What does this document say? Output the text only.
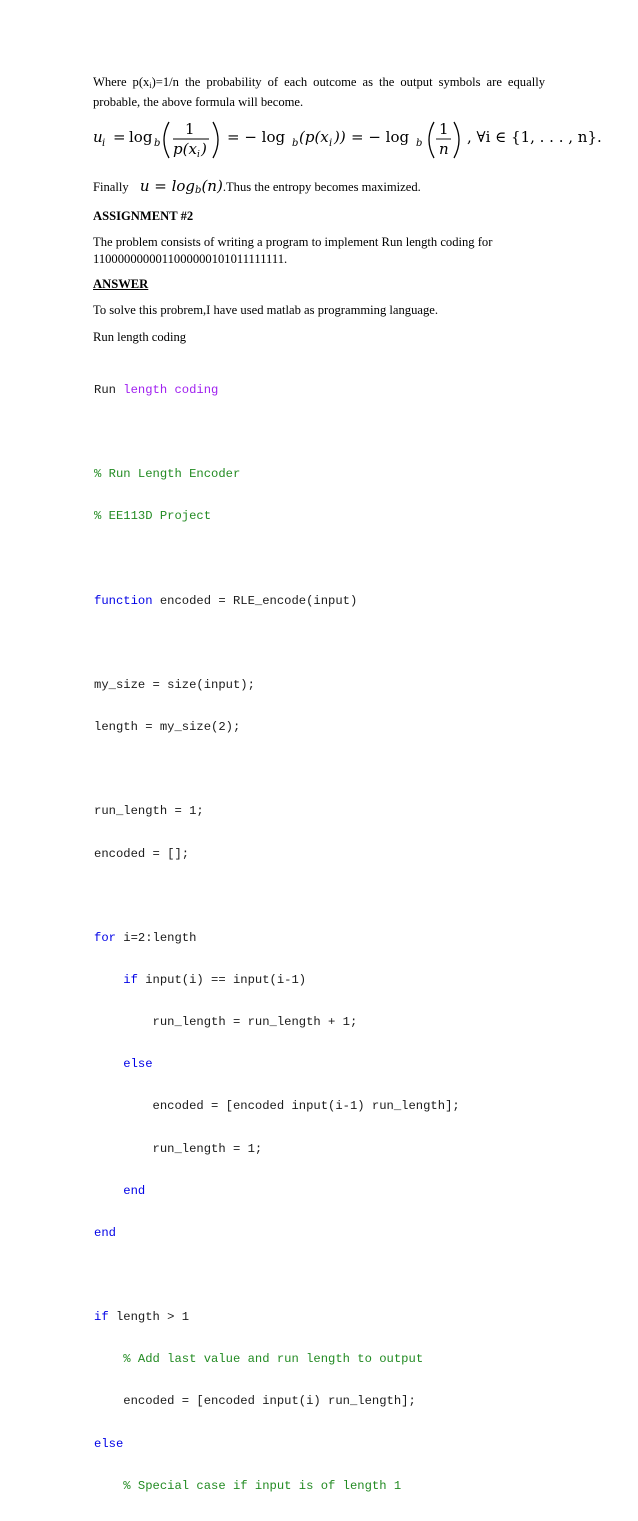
Where $p(x_i)=1/n$ the probability of each outcome as the output symbols are equally probable, the above formula will become.
u i = log b
1
p(x i )
= − log b (p(x i )) = − log b
1
n
, ∀i ∈ {1, . . . , n}.
Finally $u = \log_b(n).Thus$ the entropy becomes maximized.
ASSIGNMENT #2
The problem consists of writing a program to implement Run length coding for
1100000000011000000101011111111.
ANSWER
To solve this probrem,I have used matlab as programming language.
Run length coding

Run length coding

% Run Length Encoder

% EE113D Project

function encoded = RLE_encode(input)

my_size = size(input);

length = my_size(2);

run_length = 1;

encoded = [];

for i=2:length

if input(i) == input(i-1)

run_length = run_length + 1;

else

encoded = [encoded input(i-1) run_length];

run_length = 1;

end

end

if length > 1

% Add last value and run length to output

encoded = [encoded input(i) run_length];

else

% Special case if input is of length 1
